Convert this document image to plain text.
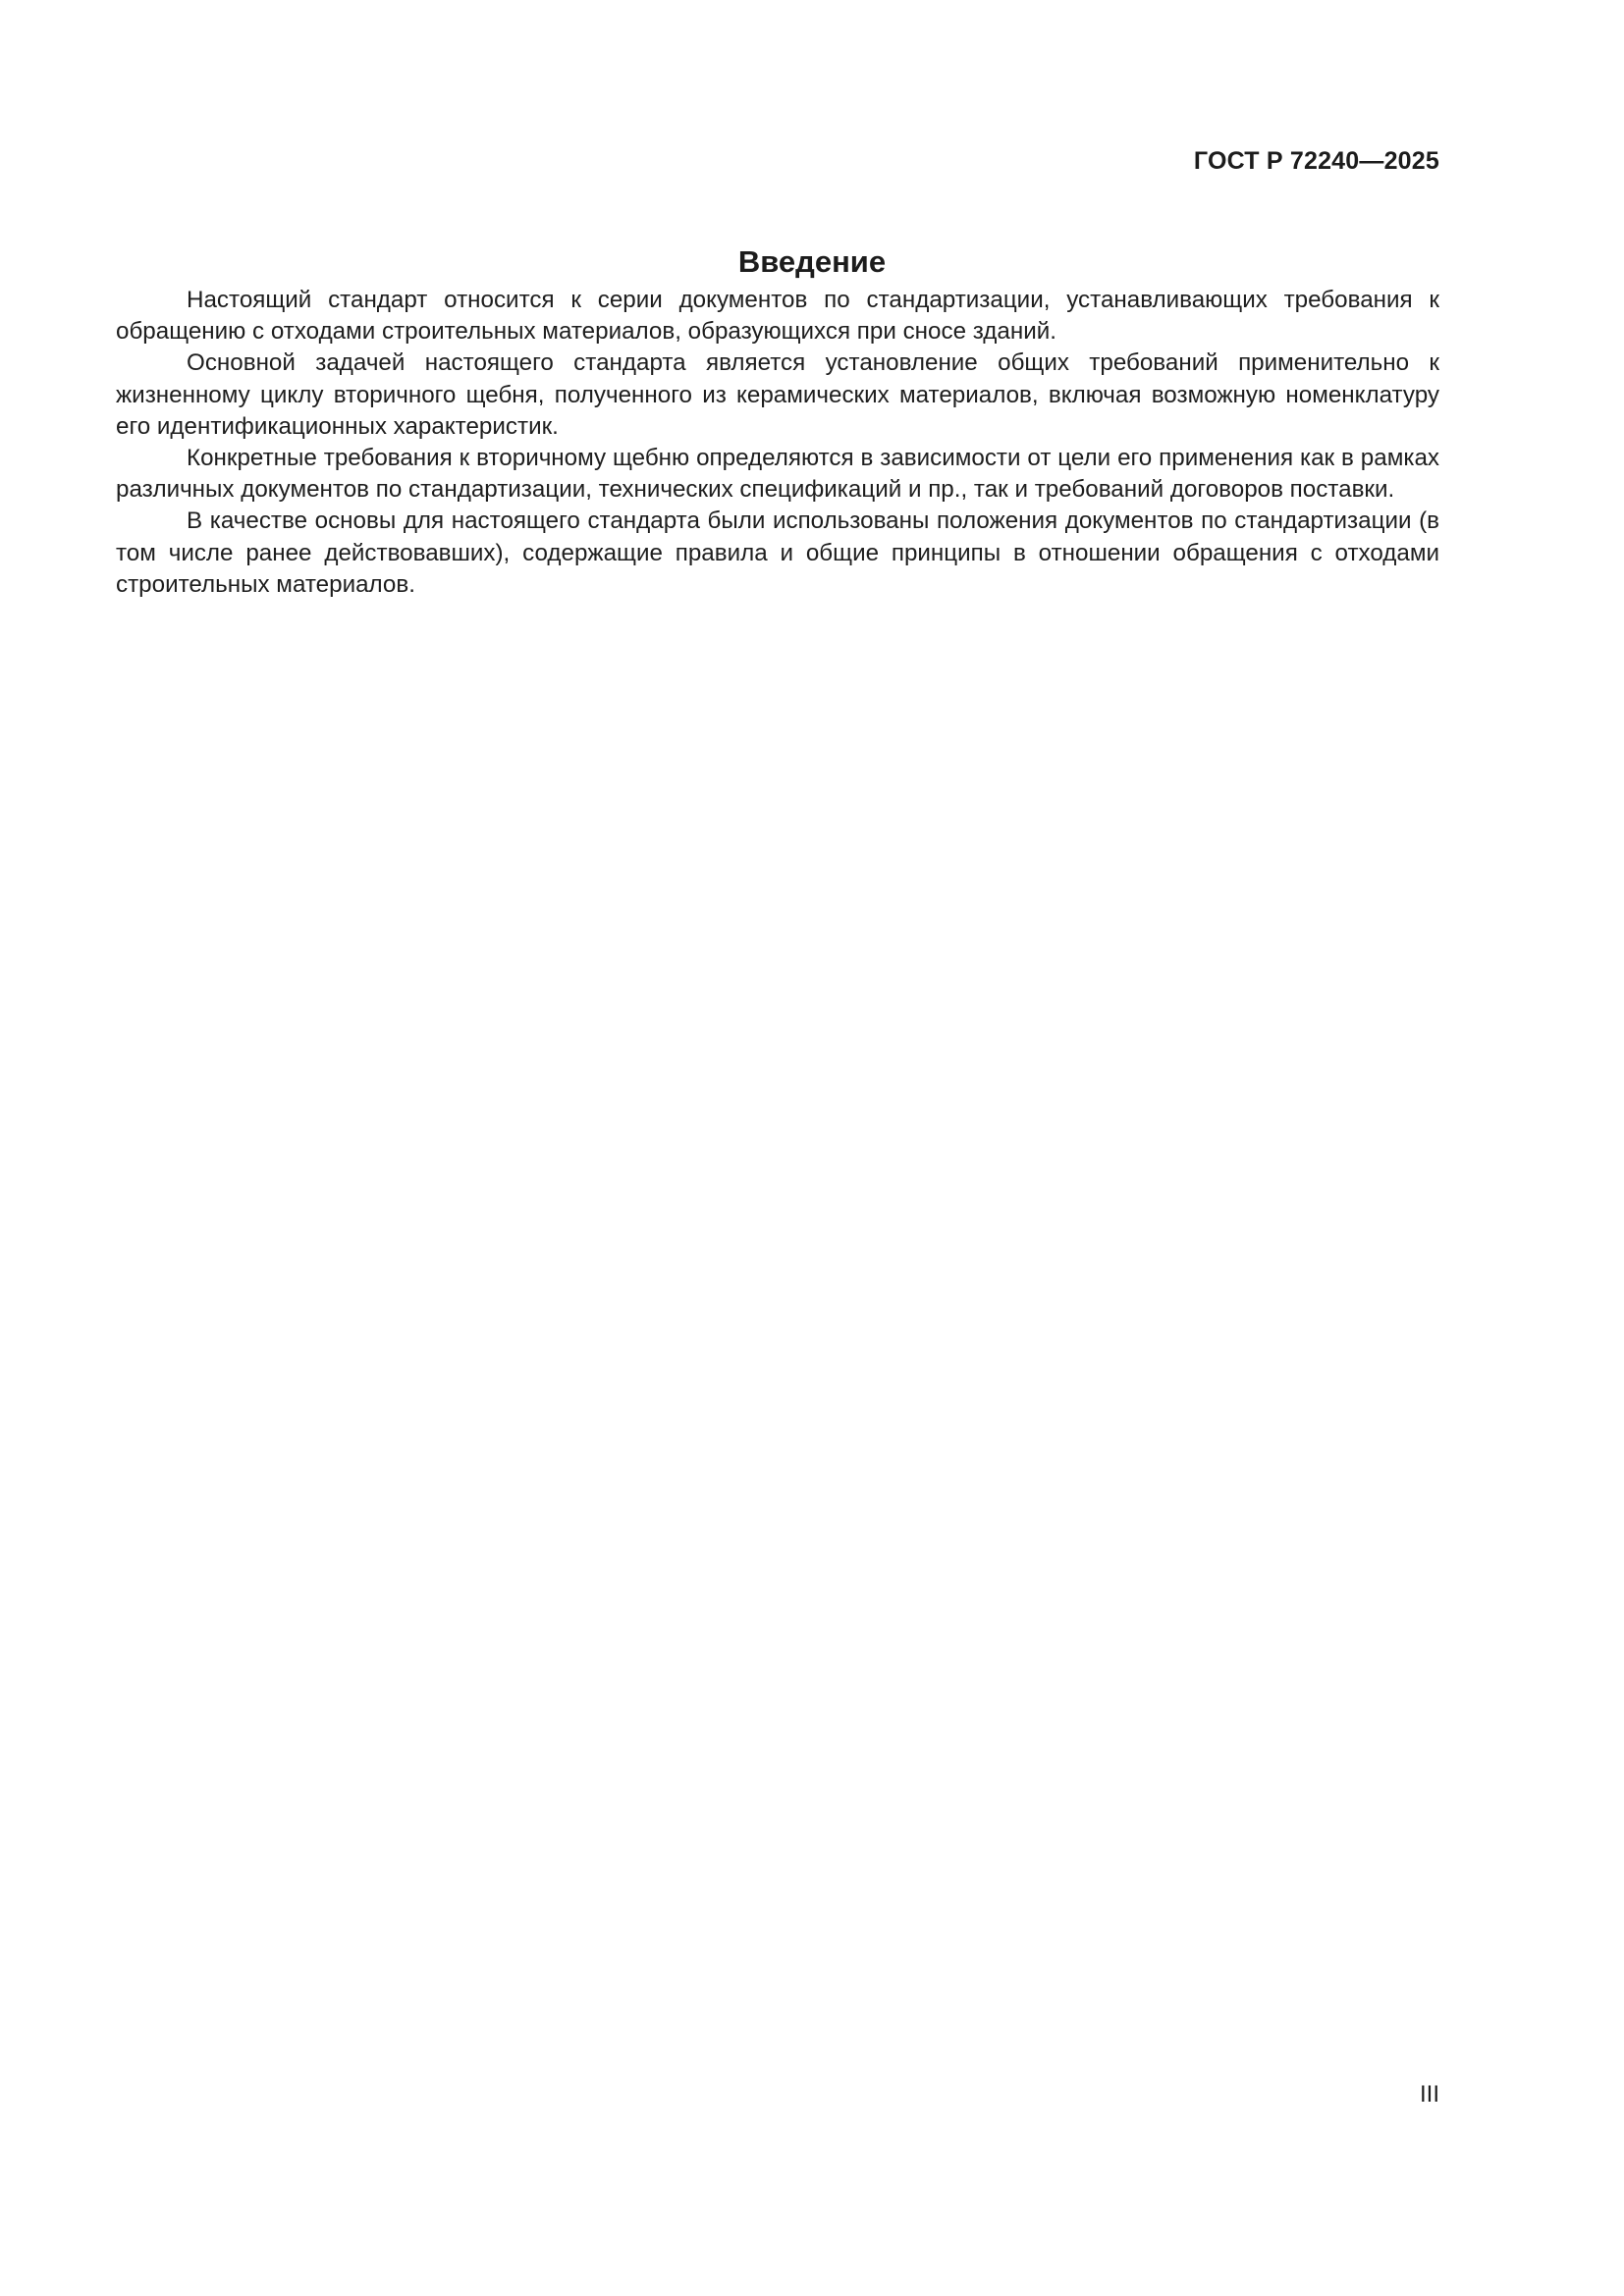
ГОСТ Р 72240—2025
Введение

Настоящий стандарт относится к серии документов по стандартизации, устанавливающих требования к обращению с отходами строительных материалов, образующихся при сносе зданий.

Основной задачей настоящего стандарта является установление общих требований применительно к жизненному циклу вторичного щебня, полученного из керамических материалов, включая возможную номенклатуру его идентификационных характеристик.

Конкретные требования к вторичному щебню определяются в зависимости от цели его применения как в рамках различных документов по стандартизации, технических спецификаций и пр., так и требований договоров поставки.

В качестве основы для настоящего стандарта были использованы положения документов по стандартизации (в том числе ранее действовавших), содержащие правила и общие принципы в отношении обращения с отходами строительных материалов.

III
